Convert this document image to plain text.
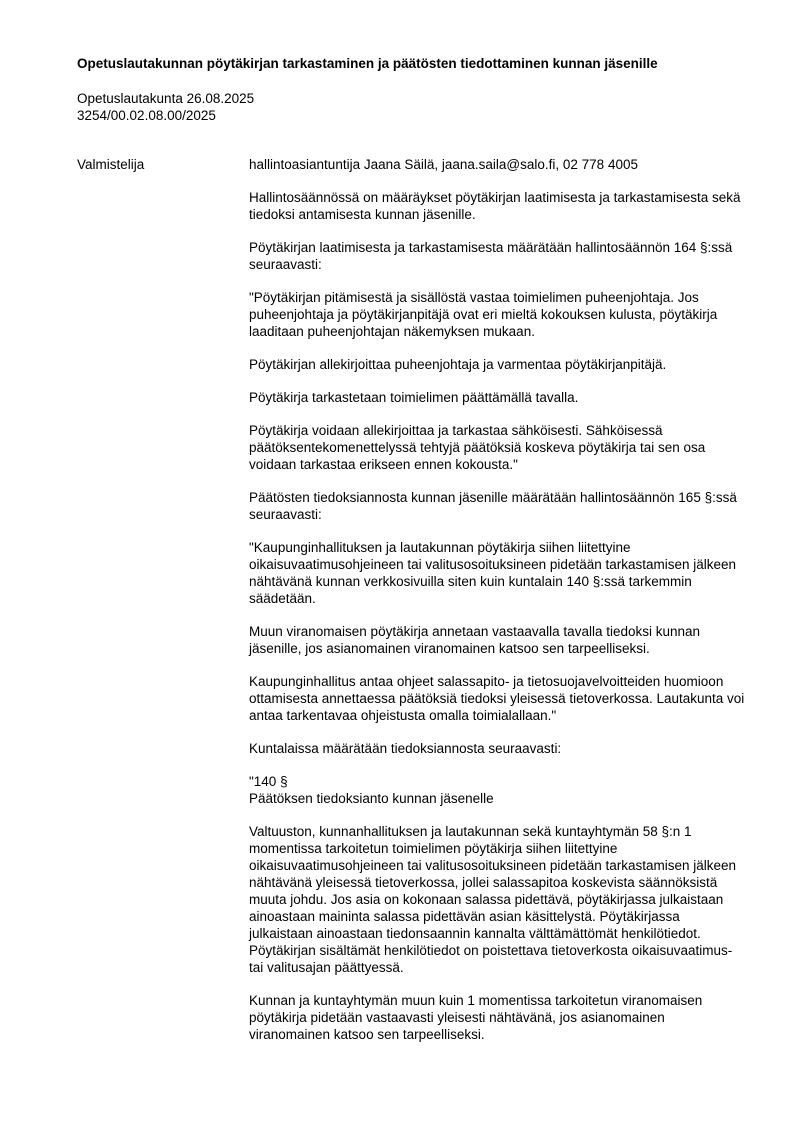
Opetuslautakunnan pöytäkirjan tarkastaminen ja päätösten tiedottaminen kunnan jäsenille
Opetuslautakunta 26.08.2025
3254/00.02.08.00/2025
Valmistelija	hallintoasiantuntija Jaana Säilä, jaana.saila@salo.fi, 02 778 4005

Hallintosäännössä on määräykset pöytäkirjan laatimisesta ja tarkastamisesta sekä tiedoksi antamisesta kunnan jäsenille.

Pöytäkirjan laatimisesta ja tarkastamisesta määrätään hallintosäännön 164 §:ssä seuraavasti:

"Pöytäkirjan pitämisestä ja sisällöstä vastaa toimielimen puheenjohtaja. Jos puheenjohtaja ja pöytäkirjanpitäjä ovat eri mieltä kokouksen kulusta, pöytäkirja laaditaan puheenjohtajan näkemyksen mukaan.

Pöytäkirjan allekirjoittaa puheenjohtaja ja varmentaa pöytäkirjanpitäjä.

Pöytäkirja tarkastetaan toimielimen päättämällä tavalla.

Pöytäkirja voidaan allekirjoittaa ja tarkastaa sähköisesti. Sähköisessä päätöksentekomenettelyssä tehtyjä päätöksiä koskeva pöytäkirja tai sen osa voidaan tarkastaa erikseen ennen kokousta."

Päätösten tiedoksiannosta kunnan jäsenille määrätään hallintosäännön 165 §:ssä seuraavasti:

"Kaupunginhallituksen ja lautakunnan pöytäkirja siihen liitettyine oikaisuvaatimusohjeineen tai valitusosoituksineen pidetään tarkastamisen jälkeen nähtävänä kunnan verkkosivuilla siten kuin kuntalain 140 §:ssä tarkemmin säädetään.

Muun viranomaisen pöytäkirja annetaan vastaavalla tavalla tiedoksi kunnan jäsenille, jos asianomainen viranomainen katsoo sen tarpeelliseksi.

Kaupunginhallitus antaa ohjeet salassapito- ja tietosuojavelvoitteiden huomioon ottamisesta annettaessa päätöksiä tiedoksi yleisessä tietoverkossa. Lautakunta voi antaa tarkentavaa ohjeistusta omalla toimialallaan."

Kuntalaissa määrätään tiedoksiannosta seuraavasti:

"140 §
Päätöksen tiedoksianto kunnan jäsenelle

Valtuuston, kunnanhallituksen ja lautakunnan sekä kuntayhtymän 58 §:n 1 momentissa tarkoitetun toimielimen pöytäkirja siihen liitettyine oikaisuvaatimusohjeineen tai valitusosoituksineen pidetään tarkastamisen jälkeen nähtävänä yleisessä tietoverkossa, jollei salassapitoa koskevista säännöksistä muuta johdu. Jos asia on kokonaan salassa pidettävä, pöytäkirjassa julkaistaan ainoastaan maininta salassa pidettävän asian käsittelystä. Pöytäkirjassa julkaistaan ainoastaan tiedonsaannin kannalta välttämättömät henkilötiedot. Pöytäkirjan sisältämät henkilötiedot on poistettava tietoverkosta oikaisuvaatimus- tai valitusajan päättyessä.

Kunnan ja kuntayhtymän muun kuin 1 momentissa tarkoitetun viranomaisen pöytäkirja pidetään vastaavasti yleisesti nähtävänä, jos asianomainen viranomainen katsoo sen tarpeelliseksi.
